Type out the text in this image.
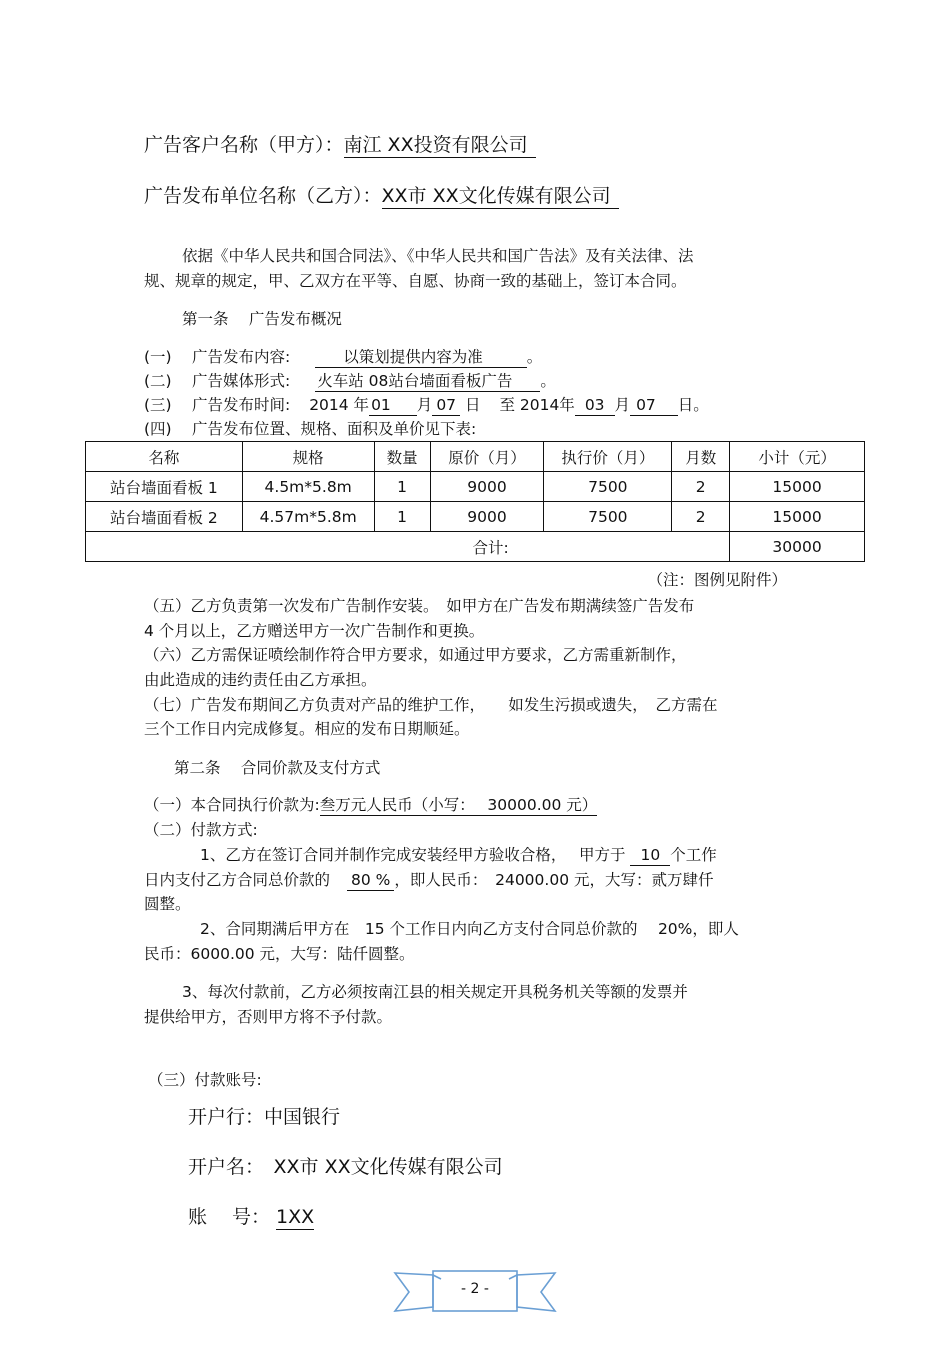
广告客户名称（甲方）：南江 XX投资有限公司
广告发布单位名称（乙方）：XX市 XX文化传媒有限公司
依据《中华人民共和国合同法》、《中华人民共和国广告法》及有关法律、法
规、规章的规定，甲、乙双方在平等、自愿、协商一致的基础上，签订本合同。
第一条　 广告发布概况
(一)　 广告发布内容:	以策划提供内容为准	。
(二)　 广告媒体形式: 火车站 08站台墙面看板广告 。
(三)　 广告发布时间: 2014 年 01 月 07 日 至 2014年 03 月 07 日。
(四)　 广告发布位置、规格、面积及单价见下表:
名称	规格	数量	原价（月）	执行价（月）	月数	小计（元）
站台墙面看板 1	4.5m*5.8m	1	9000	7500	2	15000
站台墙面看板 2	4.57m*5.8m	1	9000	7500	2	15000
合计:						30000
（注：图例见附件）
（五）乙方负责第一次发布广告制作安装。　如甲方在广告发布期满续签广告发布
4 个月以上，乙方赠送甲方一次广告制作和更换。
（六）乙方需保证喷绘制作符合甲方要求，如通过甲方要求，乙方需重新制作，
由此造成的违约责任由乙方承担。
（七）广告发布期间乙方负责对产品的维护工作，　　如发生污损或遗失，　乙方需在
三个工作日内完成修复。相应的发布日期顺延。
第二条　 合同价款及支付方式
（一）本合同执行价款为:叁万元人民币（小写：　 30000.00 元）
（二）付款方式:
1、乙方在签订合同并制作完成安装经甲方验收合格，　 甲方于 10 个工作
日内支付乙方合同总价款的 80 % ，即人民币：　24000.00 元，大写：贰万肆仟
圆整。
2、合同期满后甲方在　15 个工作日内向乙方支付合同总价款的　 20%，即人
民币：6000.00 元，大写：陆仟圆整。
3、每次付款前，乙方必须按南江县的相关规定开具税务机关等额的发票并
提供给甲方，否则甲方将不予付款。
（三）付款账号:
开户行：中国银行
开户名：　XX市 XX文化传媒有限公司
账　 号： 1XX
- 2 -
